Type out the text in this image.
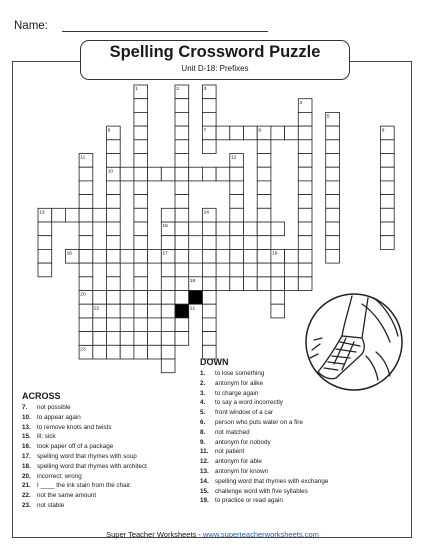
Name:
1	2	3
4
5
6	7	8	9
10
11	12
13	14
15
16	17
18
19
20
21
22
23
Spelling Crossword Puzzle
Unit D-18: Prefixes
ACROSS
7. not possible
10. to appear again
13. to remove knots and twists
15. ill; sick
16. took paper off of a package
17. spelling word that rhymes with soup
18. spelling word that rhymes with architect
20. incorrect; wrong
21. I ____ the ink stain from the chair.
22. not the same amount
23. not stable
DOWN
1. to lose something
2. antonym for alike
3. to charge again
4. to say a word incorrectly
5. front window of a car
6. person who puts water on a fire
8. not matched
9. antonym for nobody
11. not patient
12. antonym for able
13. antonym for known
14. spelling word that rhymes with exchange
15. challenge word with five syllables
19. to practice or read again
Super Teacher Worksheets - www.superteacherworksheets.com
